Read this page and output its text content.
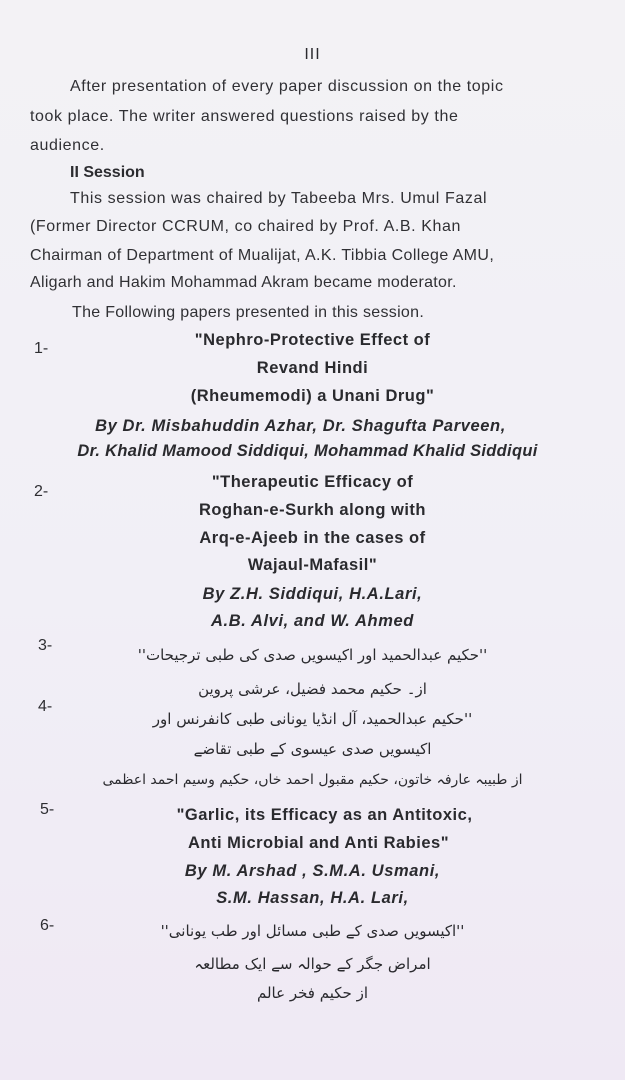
III
After presentation of every paper discussion on the topic
took place. The writer answered questions raised by the
audience.
II Session
This session was chaired by Tabeeba Mrs. Umul Fazal
(Former Director CCRUM, co chaired by Prof. A.B. Khan
Chairman of Department of Mualijat, A.K. Tibbia College AMU,
Aligarh and Hakim Mohammad Akram became moderator.
The Following papers presented in this session.
1-	"Nephro-Protective Effect of
Revand Hindi
(Rheumemodi) a Unani Drug"
By Dr. Misbahuddin Azhar, Dr. Shagufta Parveen,
Dr. Khalid Mamood Siddiqui, Mohammad Khalid Siddiqui
2-
"Therapeutic Efficacy of
Roghan-e-Surkh along with
Arq-e-Ajeeb in the cases of
Wajaul-Mafasil"
By Z.H. Siddiqui, H.A.Lari,
A.B. Alvi, and W. Ahmed
3-
''حکیم عبدالحمید اور اکیسویں صدی کی طبی ترجیحات''
از۔ حکیم محمد فضیل، عرشی پروین
4-
''حکیم عبدالحمید، آل انڈیا یونانی طبی کانفرنس اور
اکیسویں صدی عیسوی کے طبی تقاضے
از طبیبہ عارفہ خاتون، حکیم مقبول احمد خاں، حکیم وسیم احمد اعظمی
5-	"Garlic, its Efficacy as an Antitoxic,
Anti Microbial and Anti Rabies"
By M. Arshad , S.M.A. Usmani,
S.M. Hassan, H.A. Lari,
6-	''اکیسویں صدی کے طبی مسائل اور طب یونانی''
امراض جگر کے حوالہ سے ایک مطالعہ
از حکیم فخر عالم
